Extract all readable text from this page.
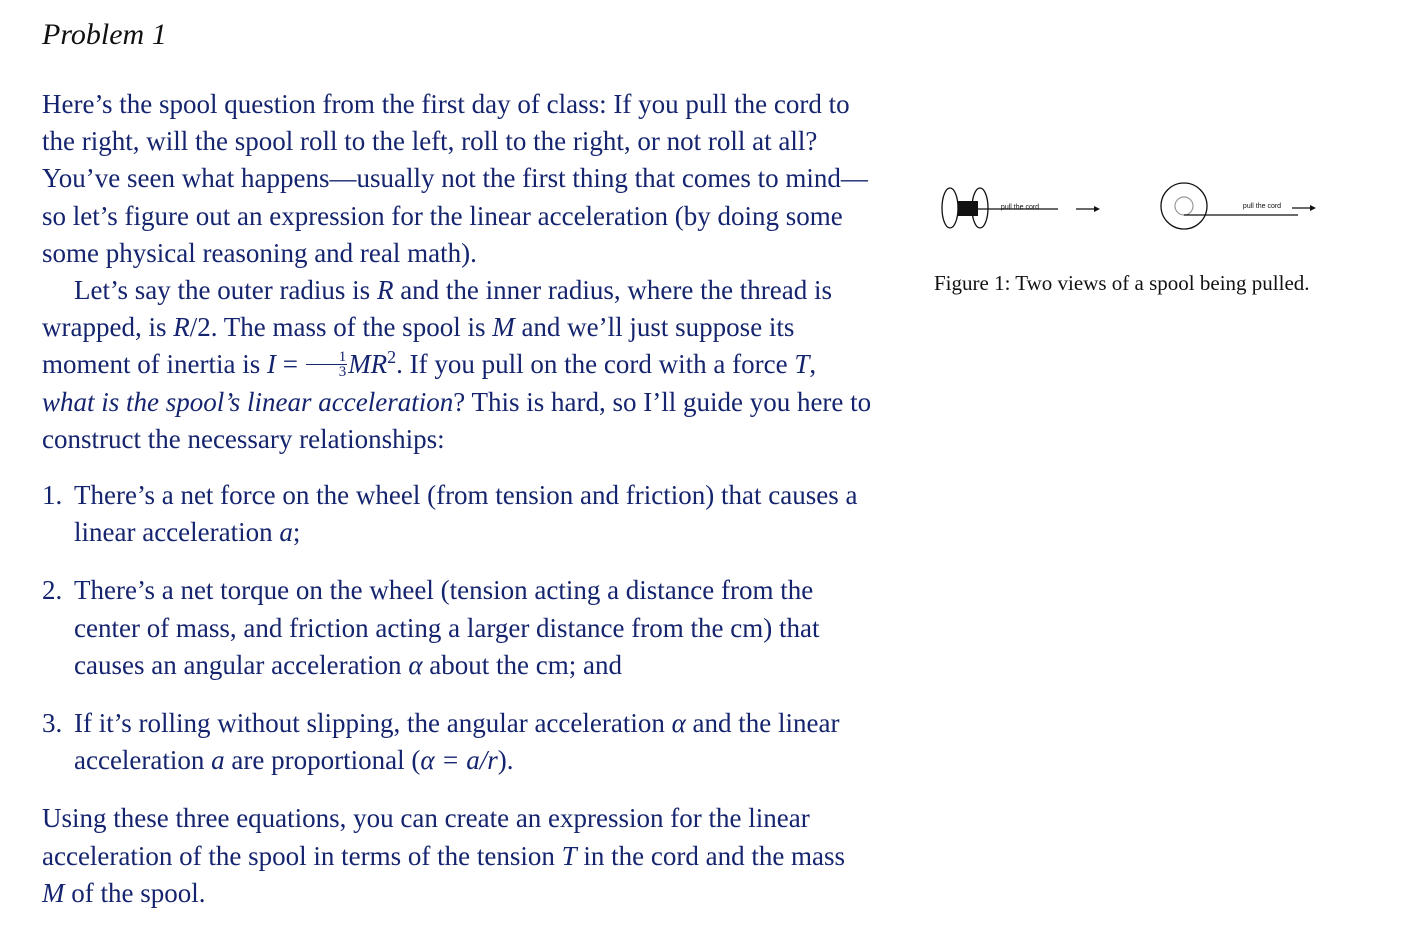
Problem 1

Here’s the spool question from the first day of class: If you pull the cord to the right, will the spool roll to the left, roll to the right, or not roll at all? You’ve seen what happens—usually not the first thing that comes to mind—so let’s figure out an expression for the linear acceleration (by doing some some physical reasoning and real math).

Let’s say the outer radius is R and the inner radius, where the thread is wrapped, is R/2. The mass of the spool is M and we’ll just suppose its moment of inertia is $I = \frac{1}{3} MR^2$. If you pull on the cord with a force T, what is the spool’s linear acceleration? This is hard, so I’ll guide you here to construct the necessary relationships:

1. There’s a net force on the wheel (from tension and friction) that causes a linear acceleration a;
2. There’s a net torque on the wheel (tension acting a distance from the center of mass, and friction acting a larger distance from the cm) that causes an angular acceleration α about the cm; and
3. If it’s rolling without slipping, the angular acceleration α and the linear acceleration a are proportional (α = a/r).

Using these three equations, you can create an expression for the linear acceleration of the spool in terms of the tension T in the cord and the mass M of the spool.

pull the cord	pull the cord
Figure 1: Two views of a spool being pulled.
